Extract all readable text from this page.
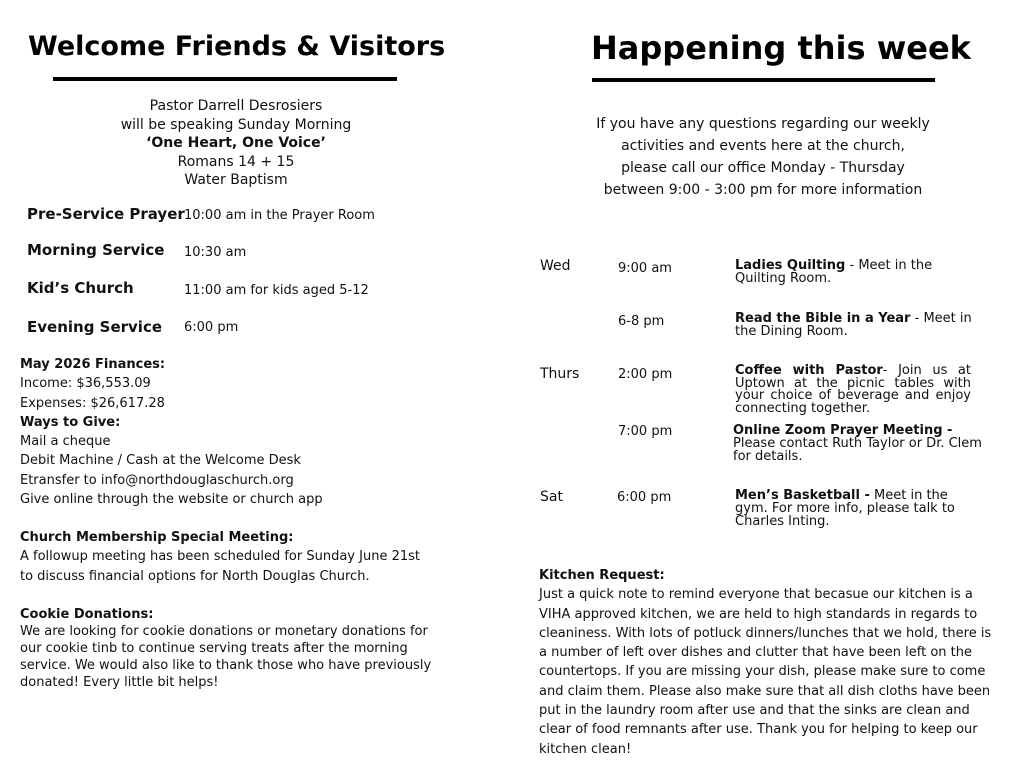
Welcome Friends & Visitors
Pastor Darrell Desrosiers
will be speaking Sunday Morning
‘One Heart, One Voice’
Romans 14 + 15
Water Baptism
Pre-Service Prayer 10:00 am in the Prayer Room
Morning Service 10:30 am
Kid’s Church	11:00 am for kids aged 5-12
Evening Service 6:00 pm
May 2026 Finances:
Income: $36,553.09
Expenses: $26,617.28
Ways to Give:
Mail a cheque
Debit Machine / Cash at the Welcome Desk
Etransfer to info@northdouglaschurch.org
Give online through the website or church app
Church Membership Special Meeting:
A followup meeting has been scheduled for Sunday June 21st
to discuss financial options for North Douglas Church.
Cookie Donations:
We are looking for cookie donations or monetary donations for
our cookie tinb to continue serving treats after the morning
service. We would also like to thank those who have previously
donated! Every little bit helps!
Happening this week
If you have any questions regarding our weekly
activities and events here at the church,
please call our office Monday - Thursday
between 9:00 - 3:00 pm for more information
Wed	9:00 am	Ladies Quilting - Meet in the Quilting Room.
6-8 pm	Read the Bible in a Year - Meet in the Dining Room.
Thurs	2:00 pm	Coffee with Pastor- Join us at Uptown at the picnic tables with your choice of beverage and enjoy connecting together.
7:00 pm	Online Zoom Prayer Meeting - Please contact Ruth Taylor or Dr. Clem for details.
Sat	6:00 pm	Men’s Basketball - Meet in the gym. For more info, please talk to Charles Inting.
Kitchen Request:
Just a quick note to remind everyone that becasue our kitchen is a
VIHA approved kitchen, we are held to high standards in regards to
cleaniness. With lots of potluck dinners/lunches that we hold, there is
a number of left over dishes and clutter that have been left on the
countertops. If you are missing your dish, please make sure to come
and claim them. Please also make sure that all dish cloths have been
put in the laundry room after use and that the sinks are clean and
clear of food remnants after use. Thank you for helping to keep our
kitchen clean!
